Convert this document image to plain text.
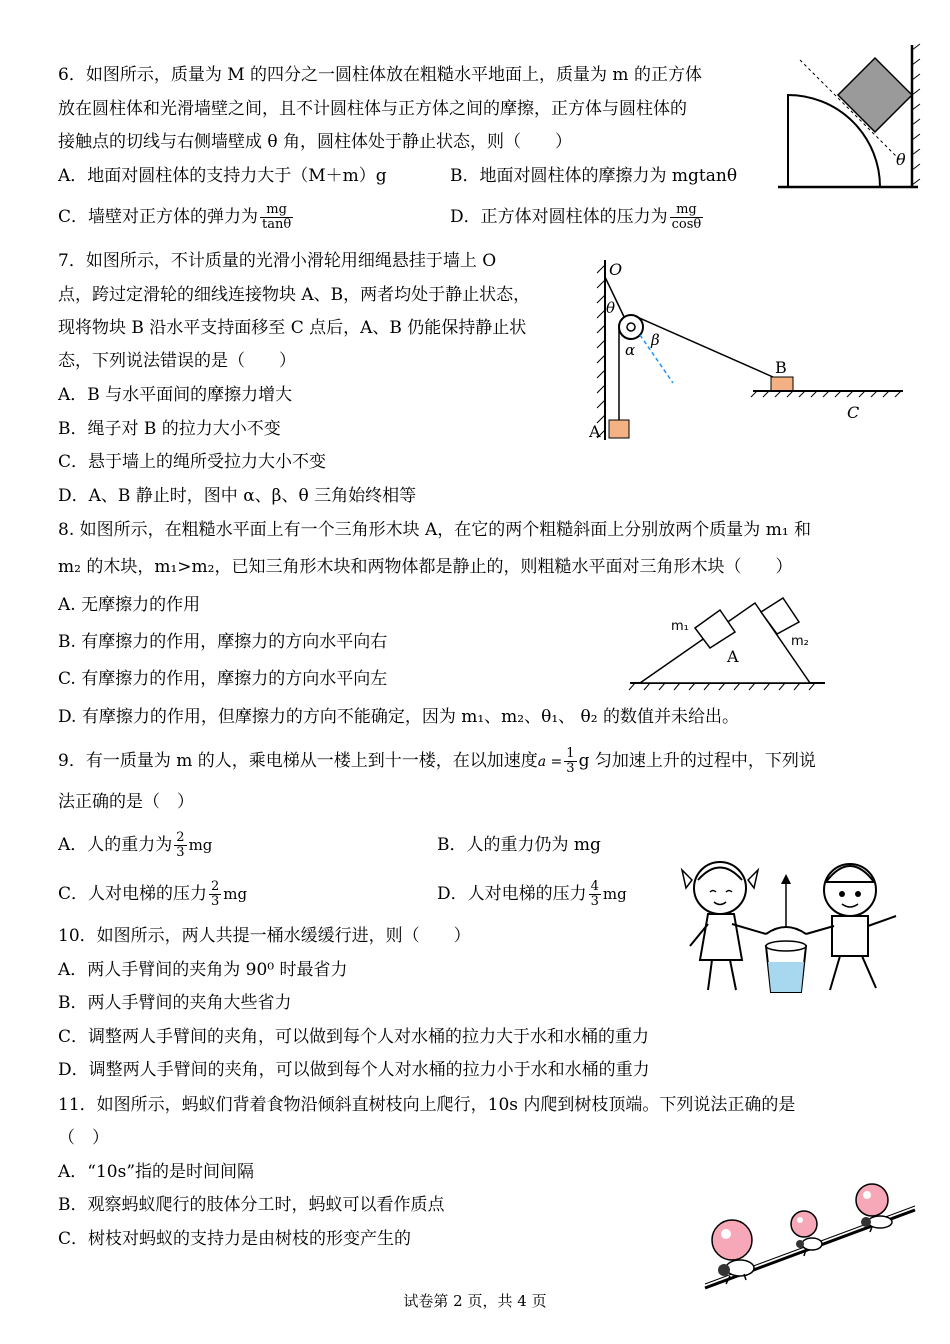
6．如图所示，质量为 M 的四分之一圆柱体放在粗糙水平地面上，质量为 m 的正方体
放在圆柱体和光滑墙壁之间，且不计圆柱体与正方体之间的摩擦，正方体与圆柱体的
接触点的切线与右侧墙壁成 θ 角，圆柱体处于静止状态，则（　　）
A．地面对圆柱体的支持力大于（M＋m）g	B．地面对圆柱体的摩擦力为 mgtanθ
C．墙壁对正方体的弹力为 $\frac{mg}{\tan\theta}$	D．正方体对圆柱体的压力为 $\frac{mg}{\cos\theta}$
θ
7．如图所示，不计质量的光滑小滑轮用细绳悬挂于墙上 O
点，跨过定滑轮的细线连接物块 A、B，两者均处于静止状态，
现将物块 B 沿水平支持面移至 C 点后，A、B 仍能保持静止状
态，下列说法错误的是（　　）
A．B 与水平面间的摩擦力增大
B．绳子对 B 的拉力大小不变
C．悬于墙上的绳所受拉力大小不变
D．A、B 静止时，图中 α、β、θ 三角始终相等
O
θ
α
β
A
B
C
8. 如图所示，在粗糙水平面上有一个三角形木块 A，在它的两个粗糙斜面上分别放两个质量为 m₁ 和
m₂ 的木块，m₁>m₂，已知三角形木块和两物体都是静止的，则粗糙水平面对三角形木块（　　）
A. 无摩擦力的作用
B. 有摩擦力的作用，摩擦力的方向水平向右
C. 有摩擦力的作用，摩擦力的方向水平向左
D. 有摩擦力的作用，但摩擦力的方向不能确定，因为 m₁、m₂、θ₁、 θ₂ 的数值并未给出。
m₁
m₂
A
9．有一质量为 m 的人，乘电梯从一楼上到十一楼，在以加速度$a = \frac{1}{3}$ g 匀加速上升的过程中，下列说
法正确的是（　）
A．人的重力为 $\frac{2}{3}$ mg	B．人的重力仍为 mg
C．人对电梯的压力 $\frac{2}{3}$ mg	D．人对电梯的压力 $\frac{4}{3}$ mg
10．如图所示，两人共提一桶水缓缓行进，则（　　）
A．两人手臂间的夹角为 90⁰ 时最省力
B．两人手臂间的夹角大些省力
C．调整两人手臂间的夹角，可以做到每个人对水桶的拉力大于水和水桶的重力
D．调整两人手臂间的夹角，可以做到每个人对水桶的拉力小于水和水桶的重力
11．如图所示，蚂蚁们背着食物沿倾斜直树枝向上爬行，10s 内爬到树枝顶端。下列说法正确的是
（　）
A．“10s”指的是时间间隔
B．观察蚂蚁爬行的肢体分工时，蚂蚁可以看作质点
C．树枝对蚂蚁的支持力是由树枝的形变产生的
试卷第 2 页，共 4 页
